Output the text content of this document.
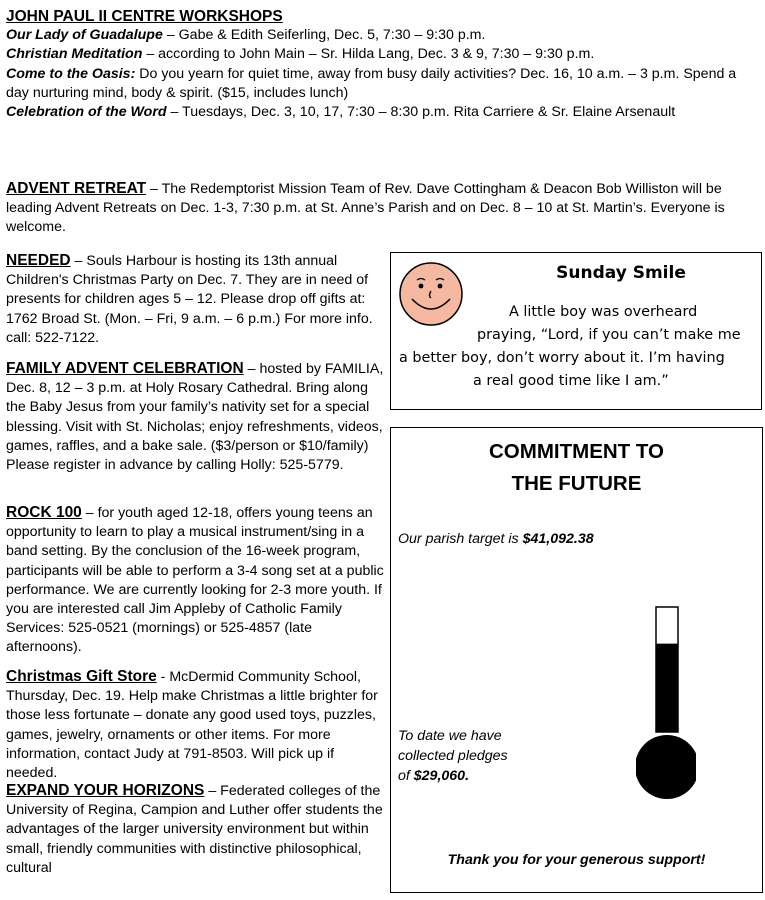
JOHN PAUL II CENTRE WORKSHOPS

Our Lady of Guadalupe – Gabe & Edith Seiferling, Dec. 5, 7:30 – 9:30 p.m.

Christian Meditation – according to John Main – Sr. Hilda Lang, Dec. 3 & 9, 7:30 – 9:30 p.m.

Come to the Oasis: Do you yearn for quiet time, away from busy daily activities? Dec. 16, 10 a.m. – 3 p.m. Spend a day nurturing mind, body & spirit. ($15, includes lunch)

Celebration of the Word – Tuesdays, Dec. 3, 10, 17, 7:30 – 8:30 p.m. Rita Carriere & Sr. Elaine Arsenault

ADVENT RETREAT – The Redemptorist Mission Team of Rev. Dave Cottingham & Deacon Bob Williston will be leading Advent Retreats on Dec. 1-3, 7:30 p.m. at St. Anne’s Parish and on Dec. 8 – 10 at St. Martin’s. Everyone is welcome.

NEEDED – Souls Harbour is hosting its 13th annual Children's Christmas Party on Dec. 7. They are in need of presents for children ages 5 – 12. Please drop off gifts at: 1762 Broad St. (Mon. – Fri, 9 a.m. – 6 p.m.) For more info. call: 522-7122.

FAMILY ADVENT CELEBRATION – hosted by FAMILIA, Dec. 8, 12 – 3 p.m. at Holy Rosary Cathedral. Bring along the Baby Jesus from your family’s nativity set for a special blessing. Visit with St. Nicholas; enjoy refreshments, videos, games, raffles, and a bake sale. ($3/person or $10/family) Please register in advance by calling Holly: 525-5779.

ROCK 100 – for youth aged 12-18, offers young teens an opportunity to learn to play a musical instrument/sing in a band setting. By the conclusion of the 16-week program, participants will be able to perform a 3-4 song set at a public performance. We are currently looking for 2-3 more youth. If you are interested call Jim Appleby of Catholic Family Services: 525-0521 (mornings) or 525-4857 (late afternoons).

Christmas Gift Store - McDermid Community School, Thursday, Dec. 19. Help make Christmas a little brighter for those less fortunate – donate any good used toys, puzzles, games, jewelry, ornaments or other items. For more information, contact Judy at 791-8503. Will pick up if needed.

EXPAND YOUR HORIZONS – Federated colleges of the University of Regina, Campion and Luther offer students the advantages of the larger university environment but within small, friendly communities with distinctive philosophical, cultural

Sunday Smile
A little boy was overheard
praying, “Lord, if you can’t make me
a better boy, don’t worry about it. I’m having
a real good time like I am.”
COMMITMENT TO
THE FUTURE

Our parish target is $41,092.38

To date we have
collected pledges
of $29,060.

Thank you for your generous support!
